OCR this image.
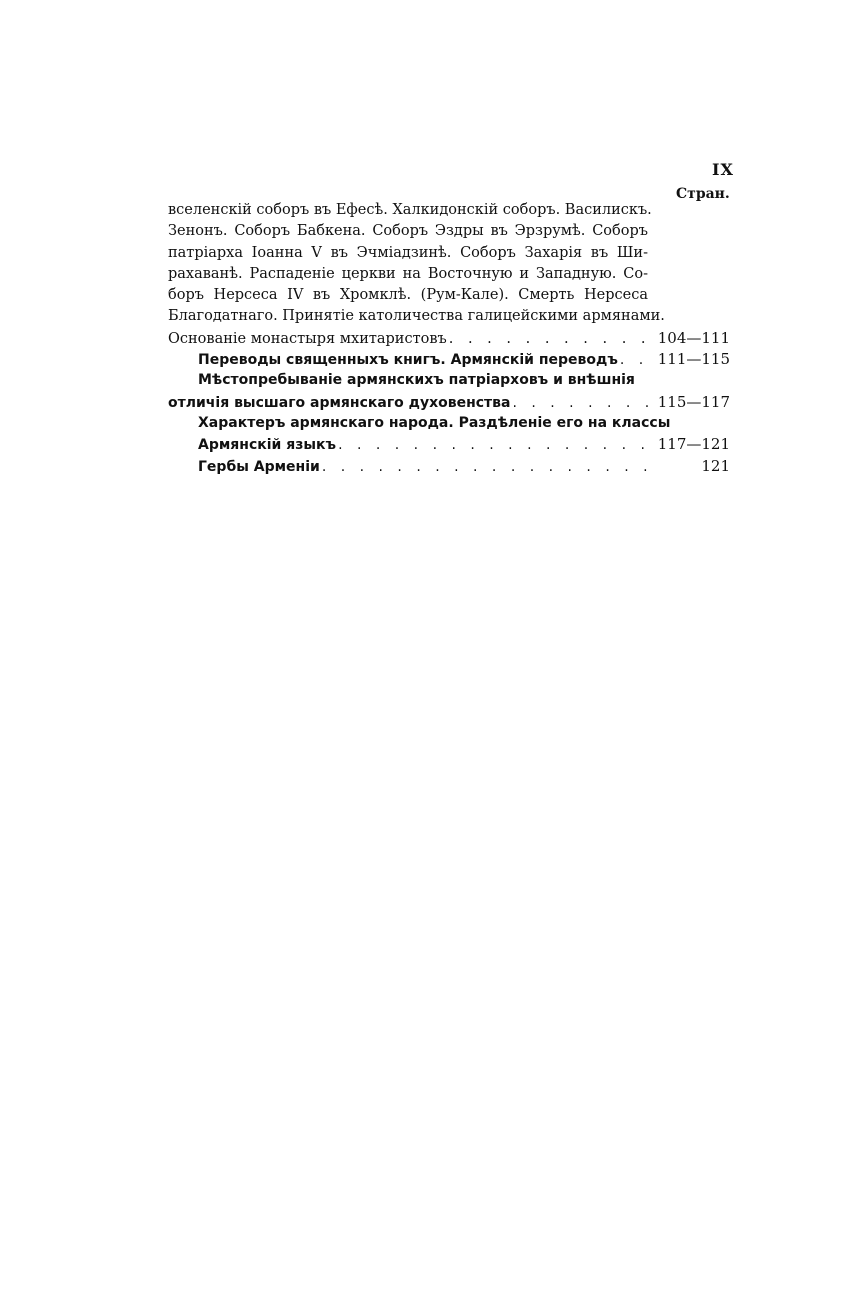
IX
Стран.
вселенскій соборъ въ Ефесѣ. Халкидонскій соборъ. Василискъ.
Зенонъ. Соборъ Бабкена. Соборъ Эздры въ Эрзрумѣ. Соборъ
патріарха Іоанна V въ Эчміадзинѣ. Соборъ Захарія въ Ши-
рахаванѣ. Распаденіе церкви на Восточную и Западную. Со-
боръ Нерсеса IV въ Хромклѣ. (Рум-Кале). Смерть Нерсеса
Благодатнаго. Принятіе католичества галицейскими армянами.
Основаніе монастыря мхитаристовъ . . .	104—111
Переводы священныхъ книгъ. Армянскій переводъ . . .	111—115
Мѣстопребываніе армянскихъ патріарховъ и внѣшнія
отличія высшаго армянскаго духовенства . . .	115—117
Характеръ армянскаго народа. Раздѣленіе его на классы
Армянскій языкъ . . .	117—121
Гербы Арменіи . . .	121
